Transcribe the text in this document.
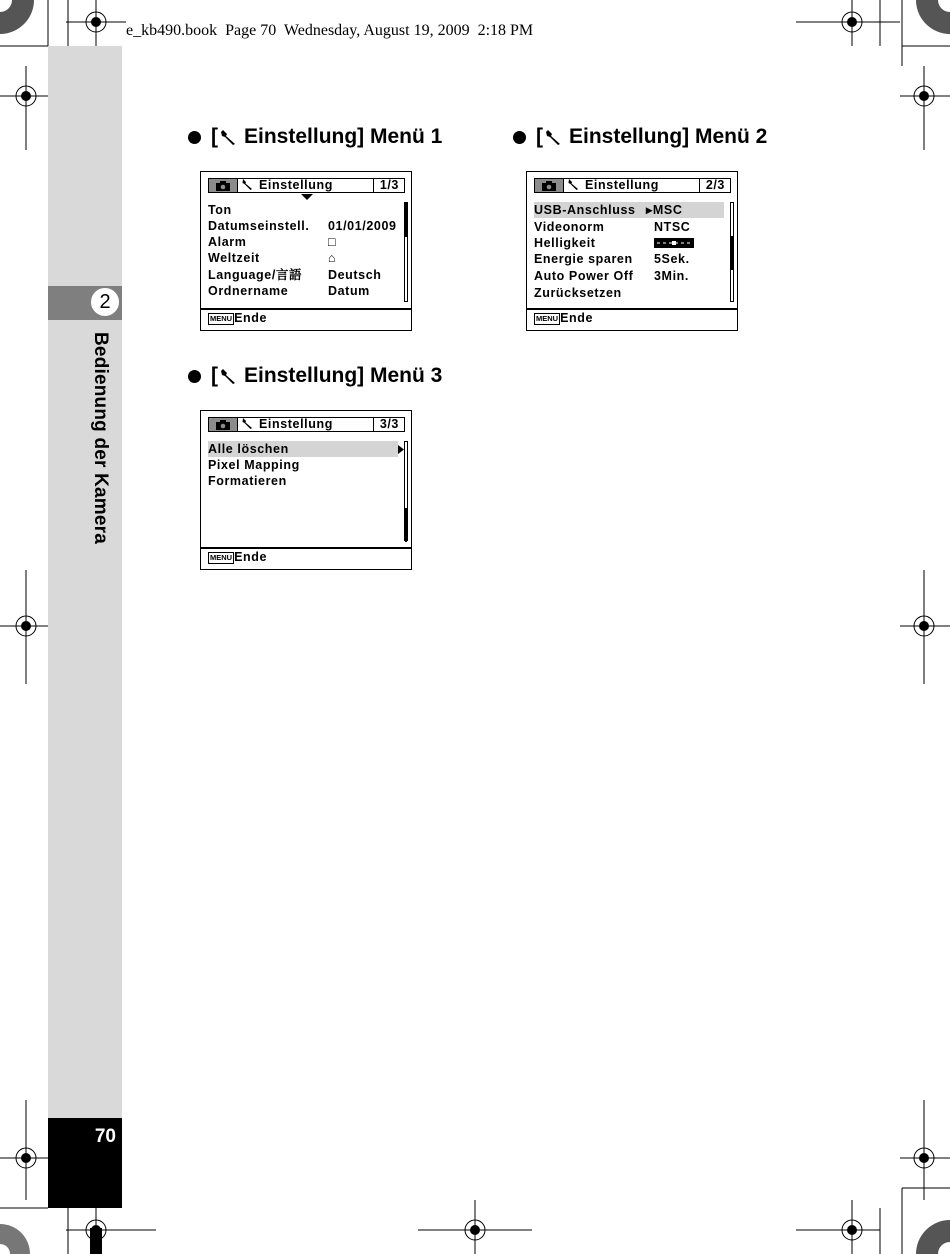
e_kb490.book  Page 70  Wednesday, August 19, 2009  2:18 PM
2
Bedienung der Kamera
70
[ Einstellung] Menü 1
Einstellung	1/3
Ton
Datumseinstell. 01/01/2009
Alarm	□
Weltzeit	⌂
Language/言語 Deutsch
Ordnername	Datum
MENU Ende
[ Einstellung] Menü 2
Einstellung	2/3
USB-Anschluss ▸MSC
Videonorm	NTSC
Helligkeit
Energie sparen 5Sek.
Auto Power Off 3Min.
Zurücksetzen
MENU Ende
[ Einstellung] Menü 3
Einstellung	3/3
Alle löschen
Pixel Mapping
Formatieren
MENU Ende
